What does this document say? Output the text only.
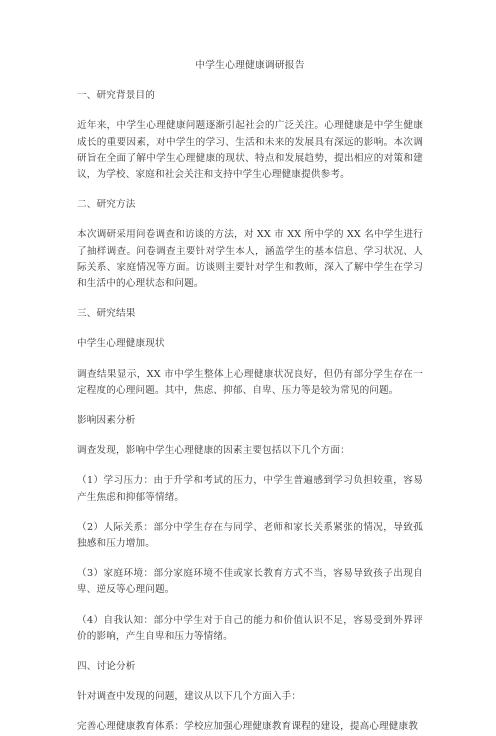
中学生心理健康调研报告
一、研究背景目的
近年来，中学生心理健康问题逐渐引起社会的广泛关注。心理健康是中学生健康成长的重要因素，对中学生的学习、生活和未来的发展具有深远的影响。本次调研旨在全面了解中学生心理健康的现状、特点和发展趋势，提出相应的对策和建议，为学校、家庭和社会关注和支持中学生心理健康提供参考。
二、研究方法
本次调研采用问卷调查和访谈的方法，对 XX 市 XX 所中学的 XX 名中学生进行了抽样调查。问卷调查主要针对学生本人，涵盖学生的基本信息、学习状况、人际关系、家庭情况等方面。访谈则主要针对学生和教师，深入了解中学生在学习和生活中的心理状态和问题。
三、研究结果
中学生心理健康现状
调查结果显示，XX 市中学生整体上心理健康状况良好，但仍有部分学生存在一定程度的心理问题。其中，焦虑、抑郁、自卑、压力等是较为常见的问题。
影响因素分析
调查发现，影响中学生心理健康的因素主要包括以下几个方面：
（1）学习压力：由于升学和考试的压力，中学生普遍感到学习负担较重，容易产生焦虑和抑郁等情绪。
（2）人际关系：部分中学生存在与同学、老师和家长关系紧张的情况，导致孤独感和压力增加。
（3）家庭环境：部分家庭环境不佳或家长教育方式不当，容易导致孩子出现自卑、逆反等心理问题。
（4）自我认知：部分中学生对于自己的能力和价值认识不足，容易受到外界评价的影响，产生自卑和压力等情绪。
四、讨论分析
针对调查中发现的问题，建议从以下几个方面入手：
完善心理健康教育体系：学校应加强心理健康教育课程的建设，提高心理健康教
